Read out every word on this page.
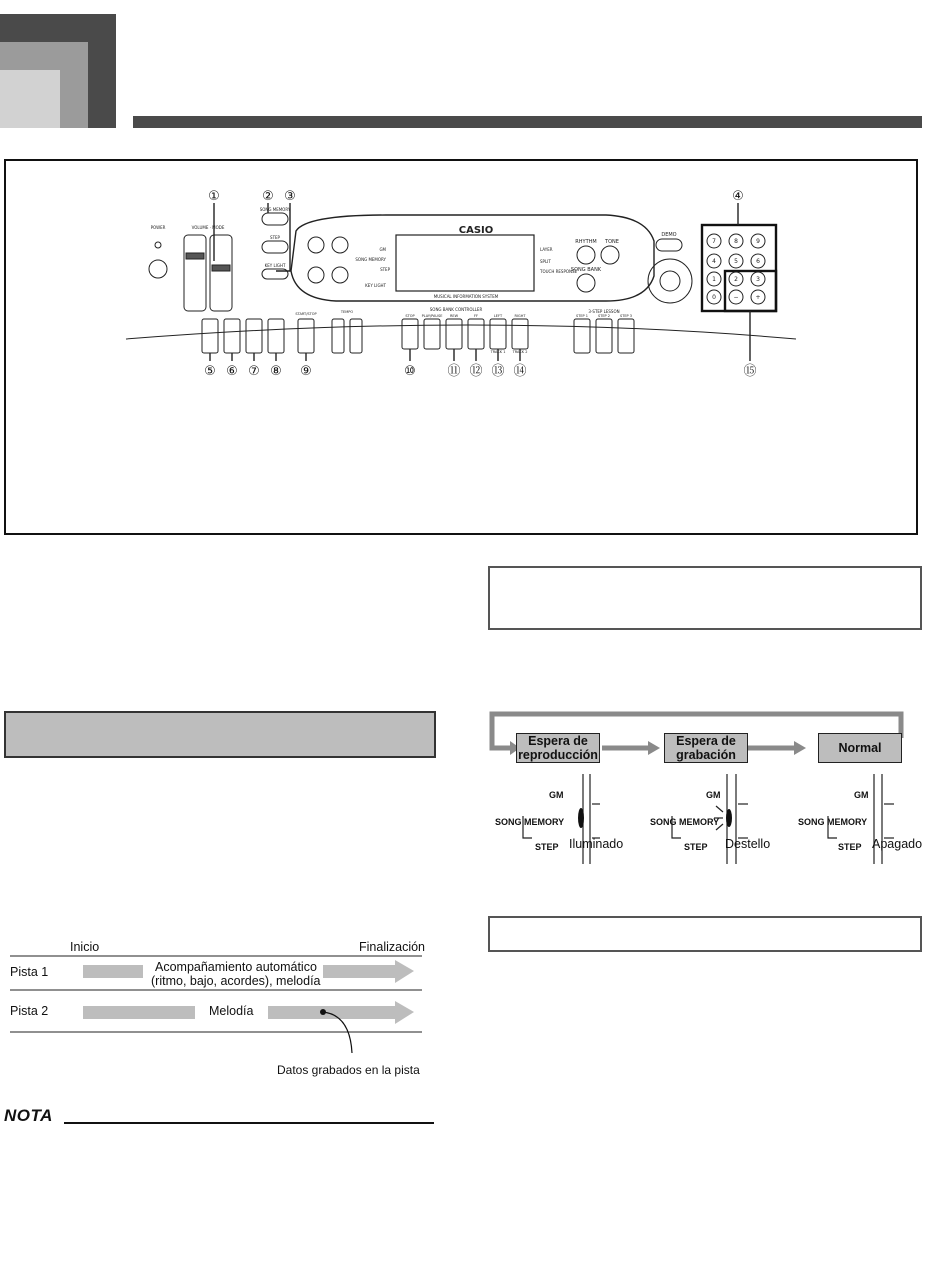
CASIO
POWER	VOLUME · MODE
SONG MEMORY
STEP
KEY LIGHT
GM
SONG MEMORY
STEP
KEY LIGHT
LAYER
SPLIT
TOUCH RESPONSE
MUSICAL INFORMATION SYSTEM
RHYTHM TONE
SONG BANK
DEMO
SONG BANK CONTROLLER	3-STEP LESSON
STOP PLAY/PAUSE REW	FF	LEFT	RIGHT
TRACK 1 TRACK 2
STEP 1	STEP 2	STEP 3
TEMPO
START/STOP
7	8	9
4	5	6
1	2	3
0	−	+
①	② ③	④
⑤ ⑥ ⑦ ⑧ ⑨	⑩ ⑪ ⑫ ⑬ ⑭	⑮
Espera de reproducción
Espera de grabación	Normal
GM
SONG MEMORY
STEP Iluminado
GM
SONG MEMORY
STEP Destello
GM
SONG MEMORY
STEP Apagado
Inicio	Finalización
Pista 1	Acompañamiento automático
(ritmo, bajo, acordes), melodía
Pista 2	Melodía
Datos grabados en la pista
NOTA
